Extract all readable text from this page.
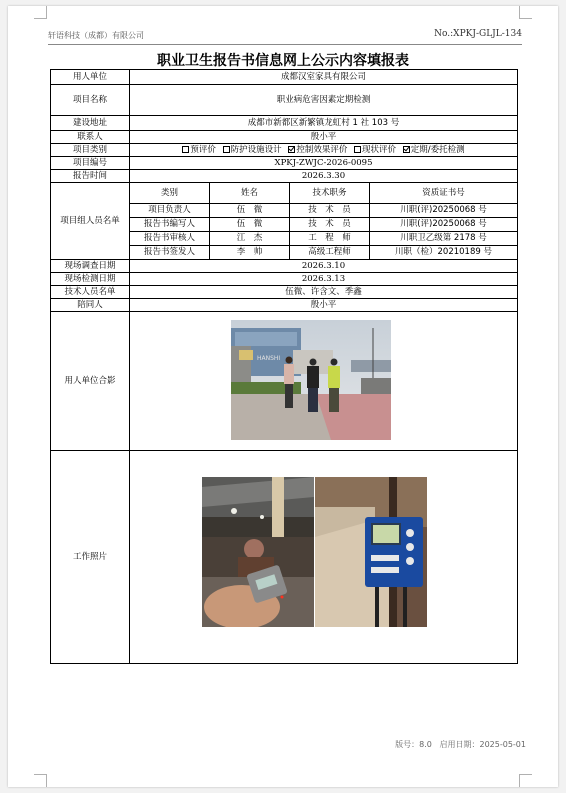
轩语科技（成都）有限公司	No.:XPKJ-GLJL-134
职业卫生报告书信息网上公示内容填报表
用人单位	成都汉室家具有限公司
项目名称	职业病危害因素定期检测
建设地址	成都市新都区新繁镇龙虹村 1 社 103 号
联系人	殷小平
项目类别	预评价 防护设施设计 控制效果评价 现状评价 定期/委托检测
项目编号	XPKJ-ZWJC-2026-0095
报告时间	2026.3.30
项目组人员名单	
类别	姓名	技术职务	资质证书号
项目负责人	伍　微	技　术　员	川职(评)20250068 号
报告书编写人	伍　微	技　术　员	川职(评)20250068 号
报告书审核人	江　杰	工　程　师	川职卫乙级第 2178 号
报告书签发人	李　帅	高级工程师	川职（检）20210189 号

现场调查日期	2026.3.10
现场检测日期	2026.3.13
技术人员名单	伍微、许含文、季鑫
陪同人	殷小平
用人单位合影	
HANSHI

工作照片	
版号：8.0 启用日期：2025-05-01
